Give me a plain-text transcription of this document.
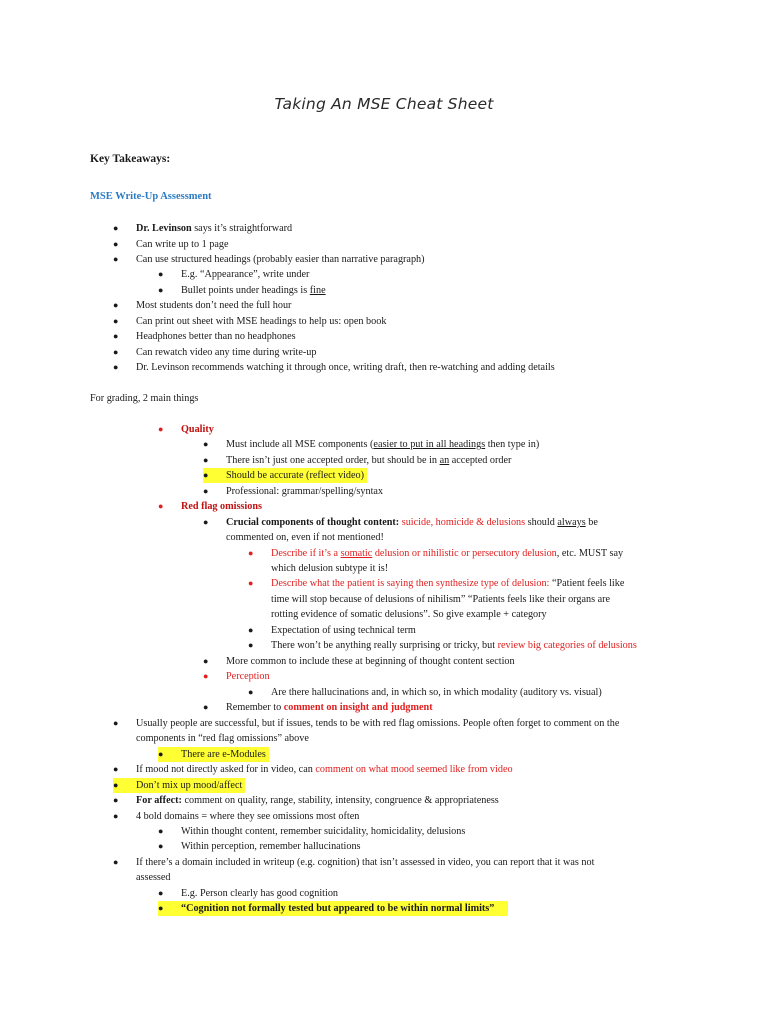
Taking An MSE Cheat Sheet
Key Takeaways:
MSE Write-Up Assessment
● Dr. Levinson says it’s straightforward
● Can write up to 1 page
● Can use structured headings (probably easier than narrative paragraph)
● E.g. “Appearance”, write under
● Bullet points under headings is fine
● Most students don’t need the full hour
● Can print out sheet with MSE headings to help us: open book
● Headphones better than no headphones
● Can rewatch video any time during write-up
● Dr. Levinson recommends watching it through once, writing draft, then re-watching and adding details
For grading, 2 main things
● Quality
● Must include all MSE components (easier to put in all headings then type in)
● There isn’t just one accepted order, but should be in an accepted order
● Should be accurate (reflect video)
● Professional: grammar/spelling/syntax
● Red flag omissions
● Crucial components of thought content: suicide, homicide & delusions should always be
commented on, even if not mentioned!
● Describe if it’s a somatic delusion or nihilistic or persecutory delusion, etc. MUST say
which delusion subtype it is!
● Describe what the patient is saying then synthesize type of delusion: “Patient feels like
time will stop because of delusions of nihilism” “Patients feels like their organs are
rotting evidence of somatic delusions”. So give example + category
● Expectation of using technical term
● There won’t be anything really surprising or tricky, but review big categories of delusions
● More common to include these at beginning of thought content section
● Perception
● Are there hallucinations and, in which so, in which modality (auditory vs. visual)
● Remember to comment on insight and judgment
● Usually people are successful, but if issues, tends to be with red flag omissions. People often forget to comment on the
components in “red flag omissions” above
● There are e-Modules
● If mood not directly asked for in video, can comment on what mood seemed like from video
● Don’t mix up mood/affect
● For affect: comment on quality, range, stability, intensity, congruence & appropriateness
● 4 bold domains = where they see omissions most often
● Within thought content, remember suicidality, homicidality, delusions
● Within perception, remember hallucinations
● If there’s a domain included in writeup (e.g. cognition) that isn’t assessed in video, you can report that it was not
assessed
● E.g. Person clearly has good cognition
● “Cognition not formally tested but appeared to be within normal limits”
